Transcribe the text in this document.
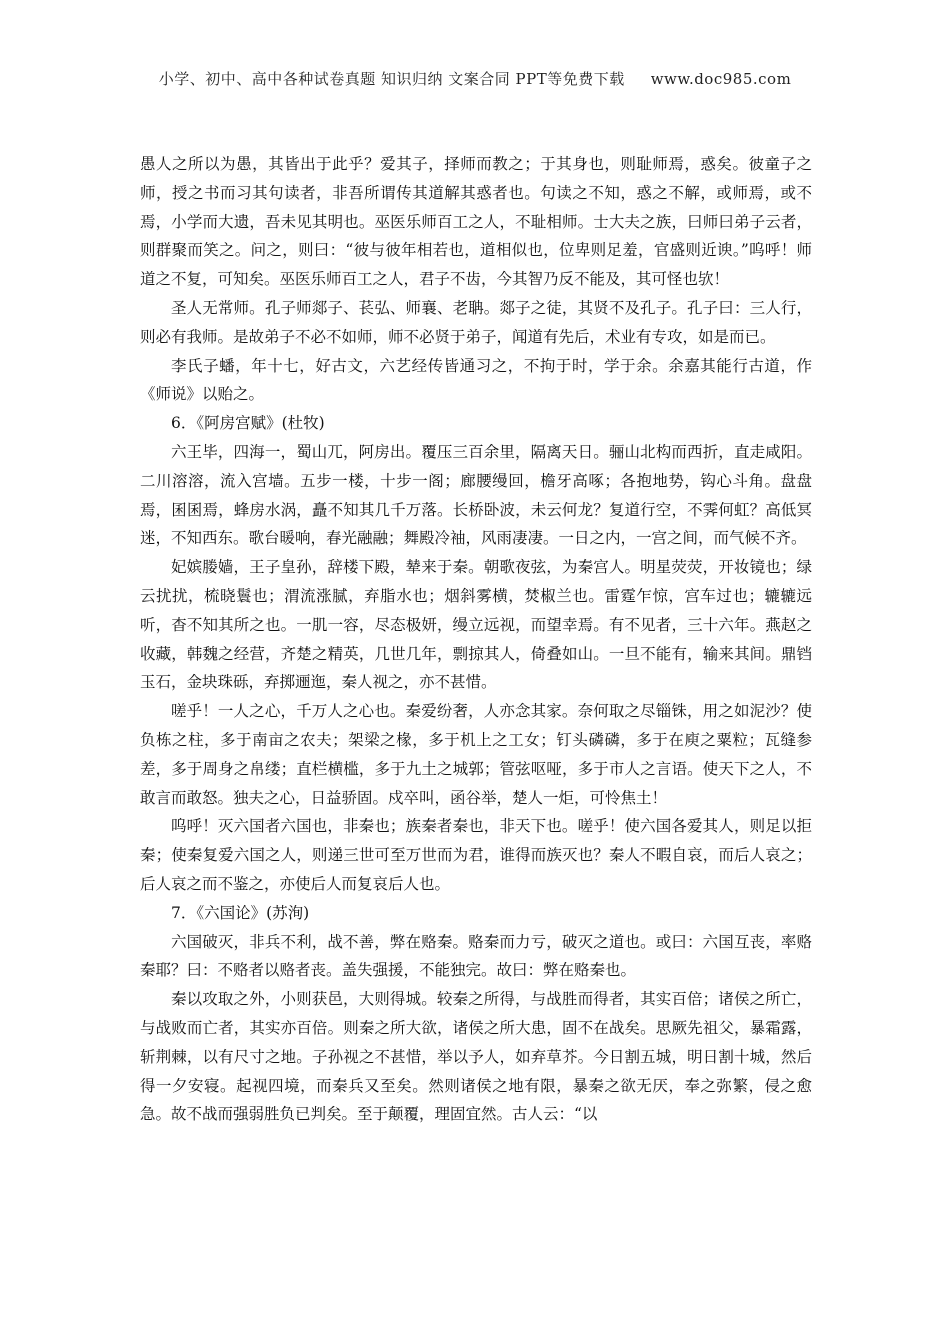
小学、初中、高中各种试卷真题 知识归纳 文案合同 PPT等免费下载 www.doc985.com

愚人之所以为愚，其皆出于此乎？爱其子，择师而教之；于其身也，则耻师焉，惑矣。彼童子之师，授之书而习其句读者，非吾所谓传其道解其惑者也。句读之不知，惑之不解，或师焉，或不焉，小学而大遗，吾未见其明也。巫医乐师百工之人，不耻相师。士大夫之族，曰师曰弟子云者，则群聚而笑之。问之，则曰：“彼与彼年相若也，道相似也，位卑则足羞，官盛则近谀。”呜呼！师道之不复，可知矣。巫医乐师百工之人，君子不齿，今其智乃反不能及，其可怪也欤！

圣人无常师。孔子师郯子、苌弘、师襄、老聃。郯子之徒，其贤不及孔子。孔子曰：三人行，则必有我师。是故弟子不必不如师，师不必贤于弟子，闻道有先后，术业有专攻，如是而已。

李氏子蟠，年十七，好古文，六艺经传皆通习之，不拘于时，学于余。余嘉其能行古道，作《师说》以贻之。

6．《阿房宫赋》(杜牧)

六王毕，四海一，蜀山兀，阿房出。覆压三百余里，隔离天日。骊山北构而西折，直走咸阳。二川溶溶，流入宫墙。五步一楼，十步一阁；廊腰缦回，檐牙高啄；各抱地势，钩心斗角。盘盘焉，囷囷焉，蜂房水涡，矗不知其几千万落。长桥卧波，未云何龙？复道行空，不霁何虹？高低冥迷，不知西东。歌台暖响，春光融融；舞殿冷袖，风雨凄凄。一日之内，一宫之间，而气候不齐。

妃嫔媵嫱，王子皇孙，辞楼下殿，辇来于秦。朝歌夜弦，为秦宫人。明星荧荧，开妆镜也；绿云扰扰，梳晓鬟也；渭流涨腻，弃脂水也；烟斜雾横，焚椒兰也。雷霆乍惊，宫车过也；辘辘远听，杳不知其所之也。一肌一容，尽态极妍，缦立远视，而望幸焉。有不见者，三十六年。燕赵之收藏，韩魏之经营，齐楚之精英，几世几年，剽掠其人，倚叠如山。一旦不能有，输来其间。鼎铛玉石，金块珠砾，弃掷逦迤，秦人视之，亦不甚惜。

嗟乎！一人之心，千万人之心也。秦爱纷奢，人亦念其家。奈何取之尽锱铢，用之如泥沙？使负栋之柱，多于南亩之农夫；架梁之椽，多于机上之工女；钉头磷磷，多于在庾之粟粒；瓦缝参差，多于周身之帛缕；直栏横槛，多于九土之城郭；管弦呕哑，多于市人之言语。使天下之人，不敢言而敢怒。独夫之心，日益骄固。戍卒叫，函谷举，楚人一炬，可怜焦土！

呜呼！灭六国者六国也，非秦也；族秦者秦也，非天下也。嗟乎！使六国各爱其人，则足以拒秦；使秦复爱六国之人，则递三世可至万世而为君，谁得而族灭也？秦人不暇自哀，而后人哀之；后人哀之而不鉴之，亦使后人而复哀后人也。

7．《六国论》(苏洵)

六国破灭，非兵不利，战不善，弊在赂秦。赂秦而力亏，破灭之道也。或曰：六国互丧，率赂秦耶？曰：不赂者以赂者丧。盖失强援，不能独完。故曰：弊在赂秦也。

秦以攻取之外，小则获邑，大则得城。较秦之所得，与战胜而得者，其实百倍；诸侯之所亡，与战败而亡者，其实亦百倍。则秦之所大欲，诸侯之所大患，固不在战矣。思厥先祖父，暴霜露，斩荆棘，以有尺寸之地。子孙视之不甚惜，举以予人，如弃草芥。今日割五城，明日割十城，然后得一夕安寝。起视四境，而秦兵又至矣。然则诸侯之地有限，暴秦之欲无厌，奉之弥繁，侵之愈急。故不战而强弱胜负已判矣。至于颠覆，理固宜然。古人云：“以
